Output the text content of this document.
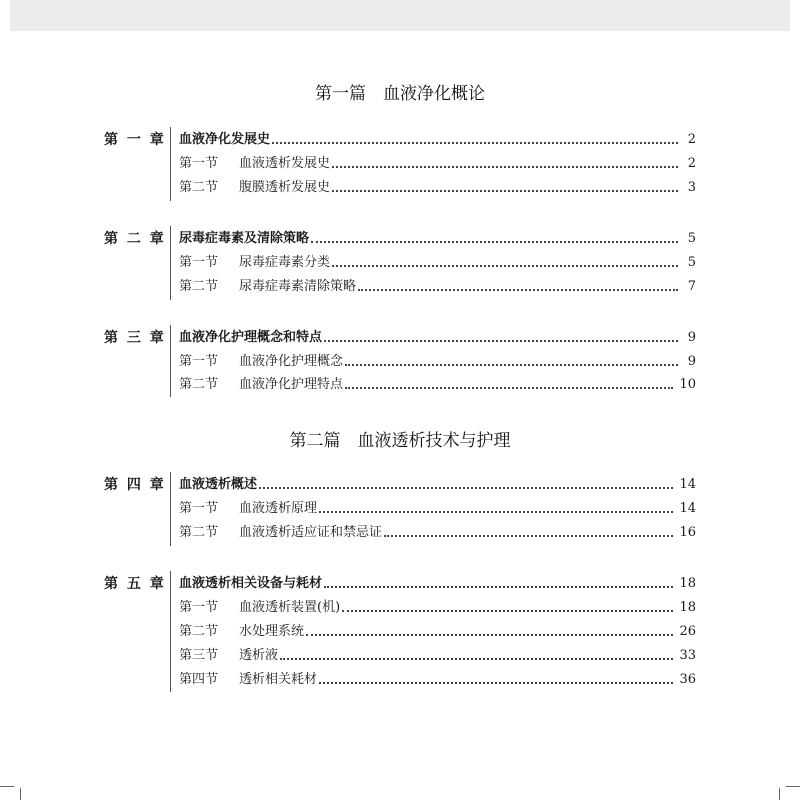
第一篇　血液净化概论
第 一 章 血液净化发展史	2
第一节	血液透析发展史	2
第二节	腹膜透析发展史	3
第 二 章 尿毒症毒素及清除策略	5
第一节	尿毒症毒素分类	5
第二节	尿毒症毒素清除策略	7
第 三 章 血液净化护理概念和特点	9
第一节	血液净化护理概念	9
第二节	血液净化护理特点	10
第二篇　血液透析技术与护理
第 四 章 血液透析概述	14
第一节	血液透析原理	14
第二节	血液透析适应证和禁忌证	16
第 五 章 血液透析相关设备与耗材	18
第一节	血液透析装置(机)	18
第二节	水处理系统	26
第三节	透析液	33
第四节	透析相关耗材	36
